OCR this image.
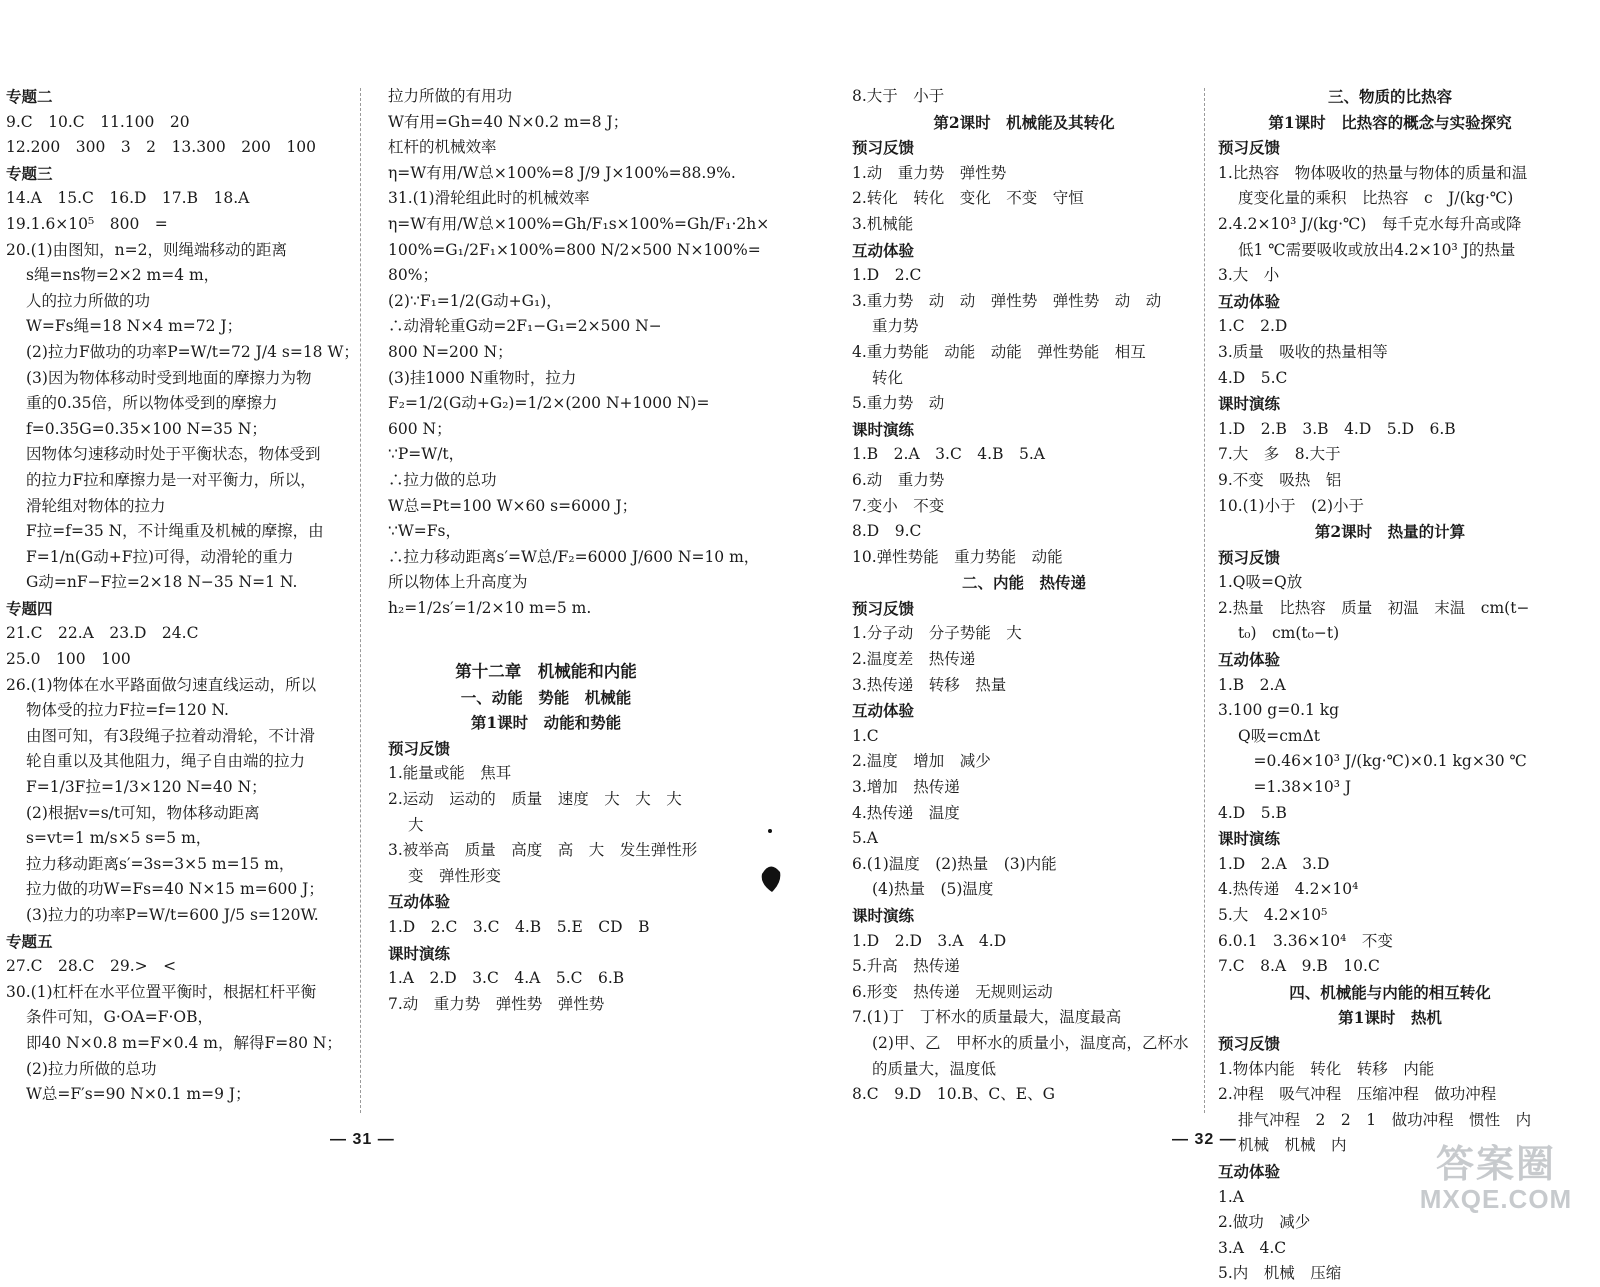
专题二
9.C　10.C　11.100　20
12.200　300　3　2　13.300　200　100
专题三
14.A　15.C　16.D　17.B　18.A
19.1.6×10⁵　800　=
20.(1)由图知，n=2，则绳端移动的距离
s绳=ns物=2×2 m=4 m，
人的拉力所做的功
W=Fs绳=18 N×4 m=72 J；
(2)拉力F做功的功率P=W/t=72 J/4 s=18 W；
(3)因为物体移动时受到地面的摩擦力为物
重的0.35倍，所以物体受到的摩擦力
f=0.35G=0.35×100 N=35 N；
因物体匀速移动时处于平衡状态，物体受到
的拉力F拉和摩擦力是一对平衡力，所以，
滑轮组对物体的拉力
F拉=f=35 N，不计绳重及机械的摩擦，由
F=1/n(G动+F拉)可得，动滑轮的重力
G动=nF−F拉=2×18 N−35 N=1 N.
专题四
21.C　22.A　23.D　24.C
25.0　100　100
26.(1)物体在水平路面做匀速直线运动，所以
物体受的拉力F拉=f=120 N.
由图可知，有3段绳子拉着动滑轮，不计滑
轮自重以及其他阻力，绳子自由端的拉力
F=1/3F拉=1/3×120 N=40 N；
(2)根据v=s/t可知，物体移动距离
s=vt=1 m/s×5 s=5 m，
拉力移动距离s′=3s=3×5 m=15 m，
拉力做的功W=Fs=40 N×15 m=600 J；
(3)拉力的功率P=W/t=600 J/5 s=120W.
专题五
27.C　28.C　29.>　<
30.(1)杠杆在水平位置平衡时，根据杠杆平衡
条件可知，G·OA=F·OB，
即40 N×0.8 m=F×0.4 m，解得F=80 N；
(2)拉力所做的总功
W总=F′s=90 N×0.1 m=9 J；
拉力所做的有用功
W有用=Gh=40 N×0.2 m=8 J；
杠杆的机械效率
η=W有用/W总×100%=8 J/9 J×100%=88.9%.
31.(1)滑轮组此时的机械效率
η=W有用/W总×100%=Gh/F₁s×100%=Gh/F₁·2h×
100%=G₁/2F₁×100%=800 N/2×500 N×100%=
80%；
(2)∵F₁=1/2(G动+G₁)，
∴动滑轮重G动=2F₁−G₁=2×500 N−
800 N=200 N；
(3)挂1000 N重物时，拉力
F₂=1/2(G动+G₂)=1/2×(200 N+1000 N)=
600 N；
∵P=W/t，
∴拉力做的总功
W总=Pt=100 W×60 s=6000 J；
∵W=Fs，
∴拉力移动距离s′=W总/F₂=6000 J/600 N=10 m，
所以物体上升高度为
h₂=1/2s′=1/2×10 m=5 m.
第十二章　机械能和内能
一、动能　势能　机械能
第1课时　动能和势能
预习反馈
1.能量或能　焦耳
2.运动　运动的　质量　速度　大　大　大
大
3.被举高　质量　高度　高　大　发生弹性形
变　弹性形变
互动体验
1.D　2.C　3.C　4.B　5.E　CD　B
课时演练
1.A　2.D　3.C　4.A　5.C　6.B
7.动　重力势　弹性势　弹性势
8.大于　小于
第2课时　机械能及其转化
预习反馈
1.动　重力势　弹性势
2.转化　转化　变化　不变　守恒
3.机械能
互动体验
1.D　2.C
3.重力势　动　动　弹性势　弹性势　动　动
重力势
4.重力势能　动能　动能　弹性势能　相互
转化
5.重力势　动
课时演练
1.B　2.A　3.C　4.B　5.A
6.动　重力势
7.变小　不变
8.D　9.C
10.弹性势能　重力势能　动能
二、内能　热传递
预习反馈
1.分子动　分子势能　大
2.温度差　热传递
3.热传递　转移　热量
互动体验
1.C
2.温度　增加　减少
3.增加　热传递
4.热传递　温度
5.A
6.(1)温度　(2)热量　(3)内能
(4)热量　(5)温度
课时演练
1.D　2.D　3.A　4.D
5.升高　热传递
6.形变　热传递　无规则运动
7.(1)丁　丁杯水的质量最大，温度最高
(2)甲、乙　甲杯水的质量小，温度高，乙杯水
的质量大，温度低
8.C　9.D　10.B、C、E、G
三、物质的比热容
第1课时　比热容的概念与实验探究
预习反馈
1.比热容　物体吸收的热量与物体的质量和温
度变化量的乘积　比热容　c　J/(kg·℃)
2.4.2×10³ J/(kg·℃)　每千克水每升高或降
低1 ℃需要吸收或放出4.2×10³ J的热量
3.大　小
互动体验
1.C　2.D
3.质量　吸收的热量相等
4.D　5.C
课时演练
1.D　2.B　3.B　4.D　5.D　6.B
7.大　多　8.大于
9.不变　吸热　铝
10.(1)小于　(2)小于
第2课时　热量的计算
预习反馈
1.Q吸=Q放
2.热量　比热容　质量　初温　末温　cm(t−
t₀)　cm(t₀−t)
互动体验
1.B　2.A
3.100 g=0.1 kg
Q吸=cmΔt
　=0.46×10³ J/(kg·℃)×0.1 kg×30 ℃
　=1.38×10³ J
4.D　5.B
课时演练
1.D　2.A　3.D
4.热传递　4.2×10⁴
5.大　4.2×10⁵
6.0.1　3.36×10⁴　不变
7.C　8.A　9.B　10.C
四、机械能与内能的相互转化
第1课时　热机
预习反馈
1.物体内能　转化　转移　内能
2.冲程　吸气冲程　压缩冲程　做功冲程
排气冲程　2　2　1　做功冲程　惯性　内
机械　机械　内
互动体验
1.A
2.做功　减少
3.A　4.C
5.内　机械　压缩
— 31 —	— 32 —
答案圈
MXQE.COM
